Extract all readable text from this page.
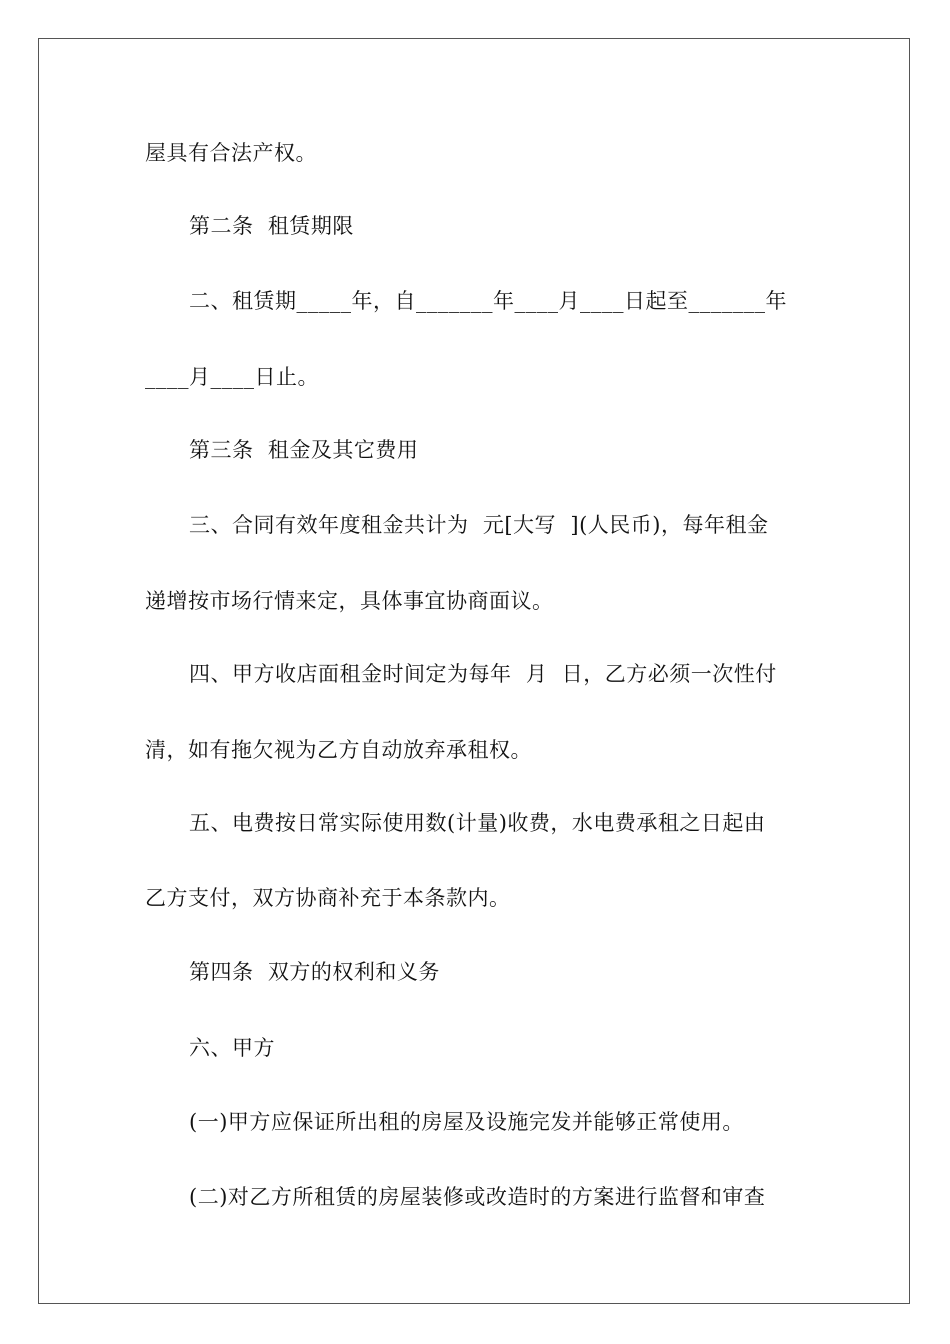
屋具有合法产权。
第二条  租赁期限
二、租赁期_____年，自_______年____月____日起至_______年
____月____日止。
第三条  租金及其它费用
三、合同有效年度租金共计为  元[大写  ](人民币)，每年租金
递增按市场行情来定，具体事宜协商面议。
四、甲方收店面租金时间定为每年  月  日，乙方必须一次性付
清，如有拖欠视为乙方自动放弃承租权。
五、电费按日常实际使用数(计量)收费，水电费承租之日起由
乙方支付，双方协商补充于本条款内。
第四条  双方的权利和义务
六、甲方
(一)甲方应保证所出租的房屋及设施完发并能够正常使用。
(二)对乙方所租赁的房屋装修或改造时的方案进行监督和审查
